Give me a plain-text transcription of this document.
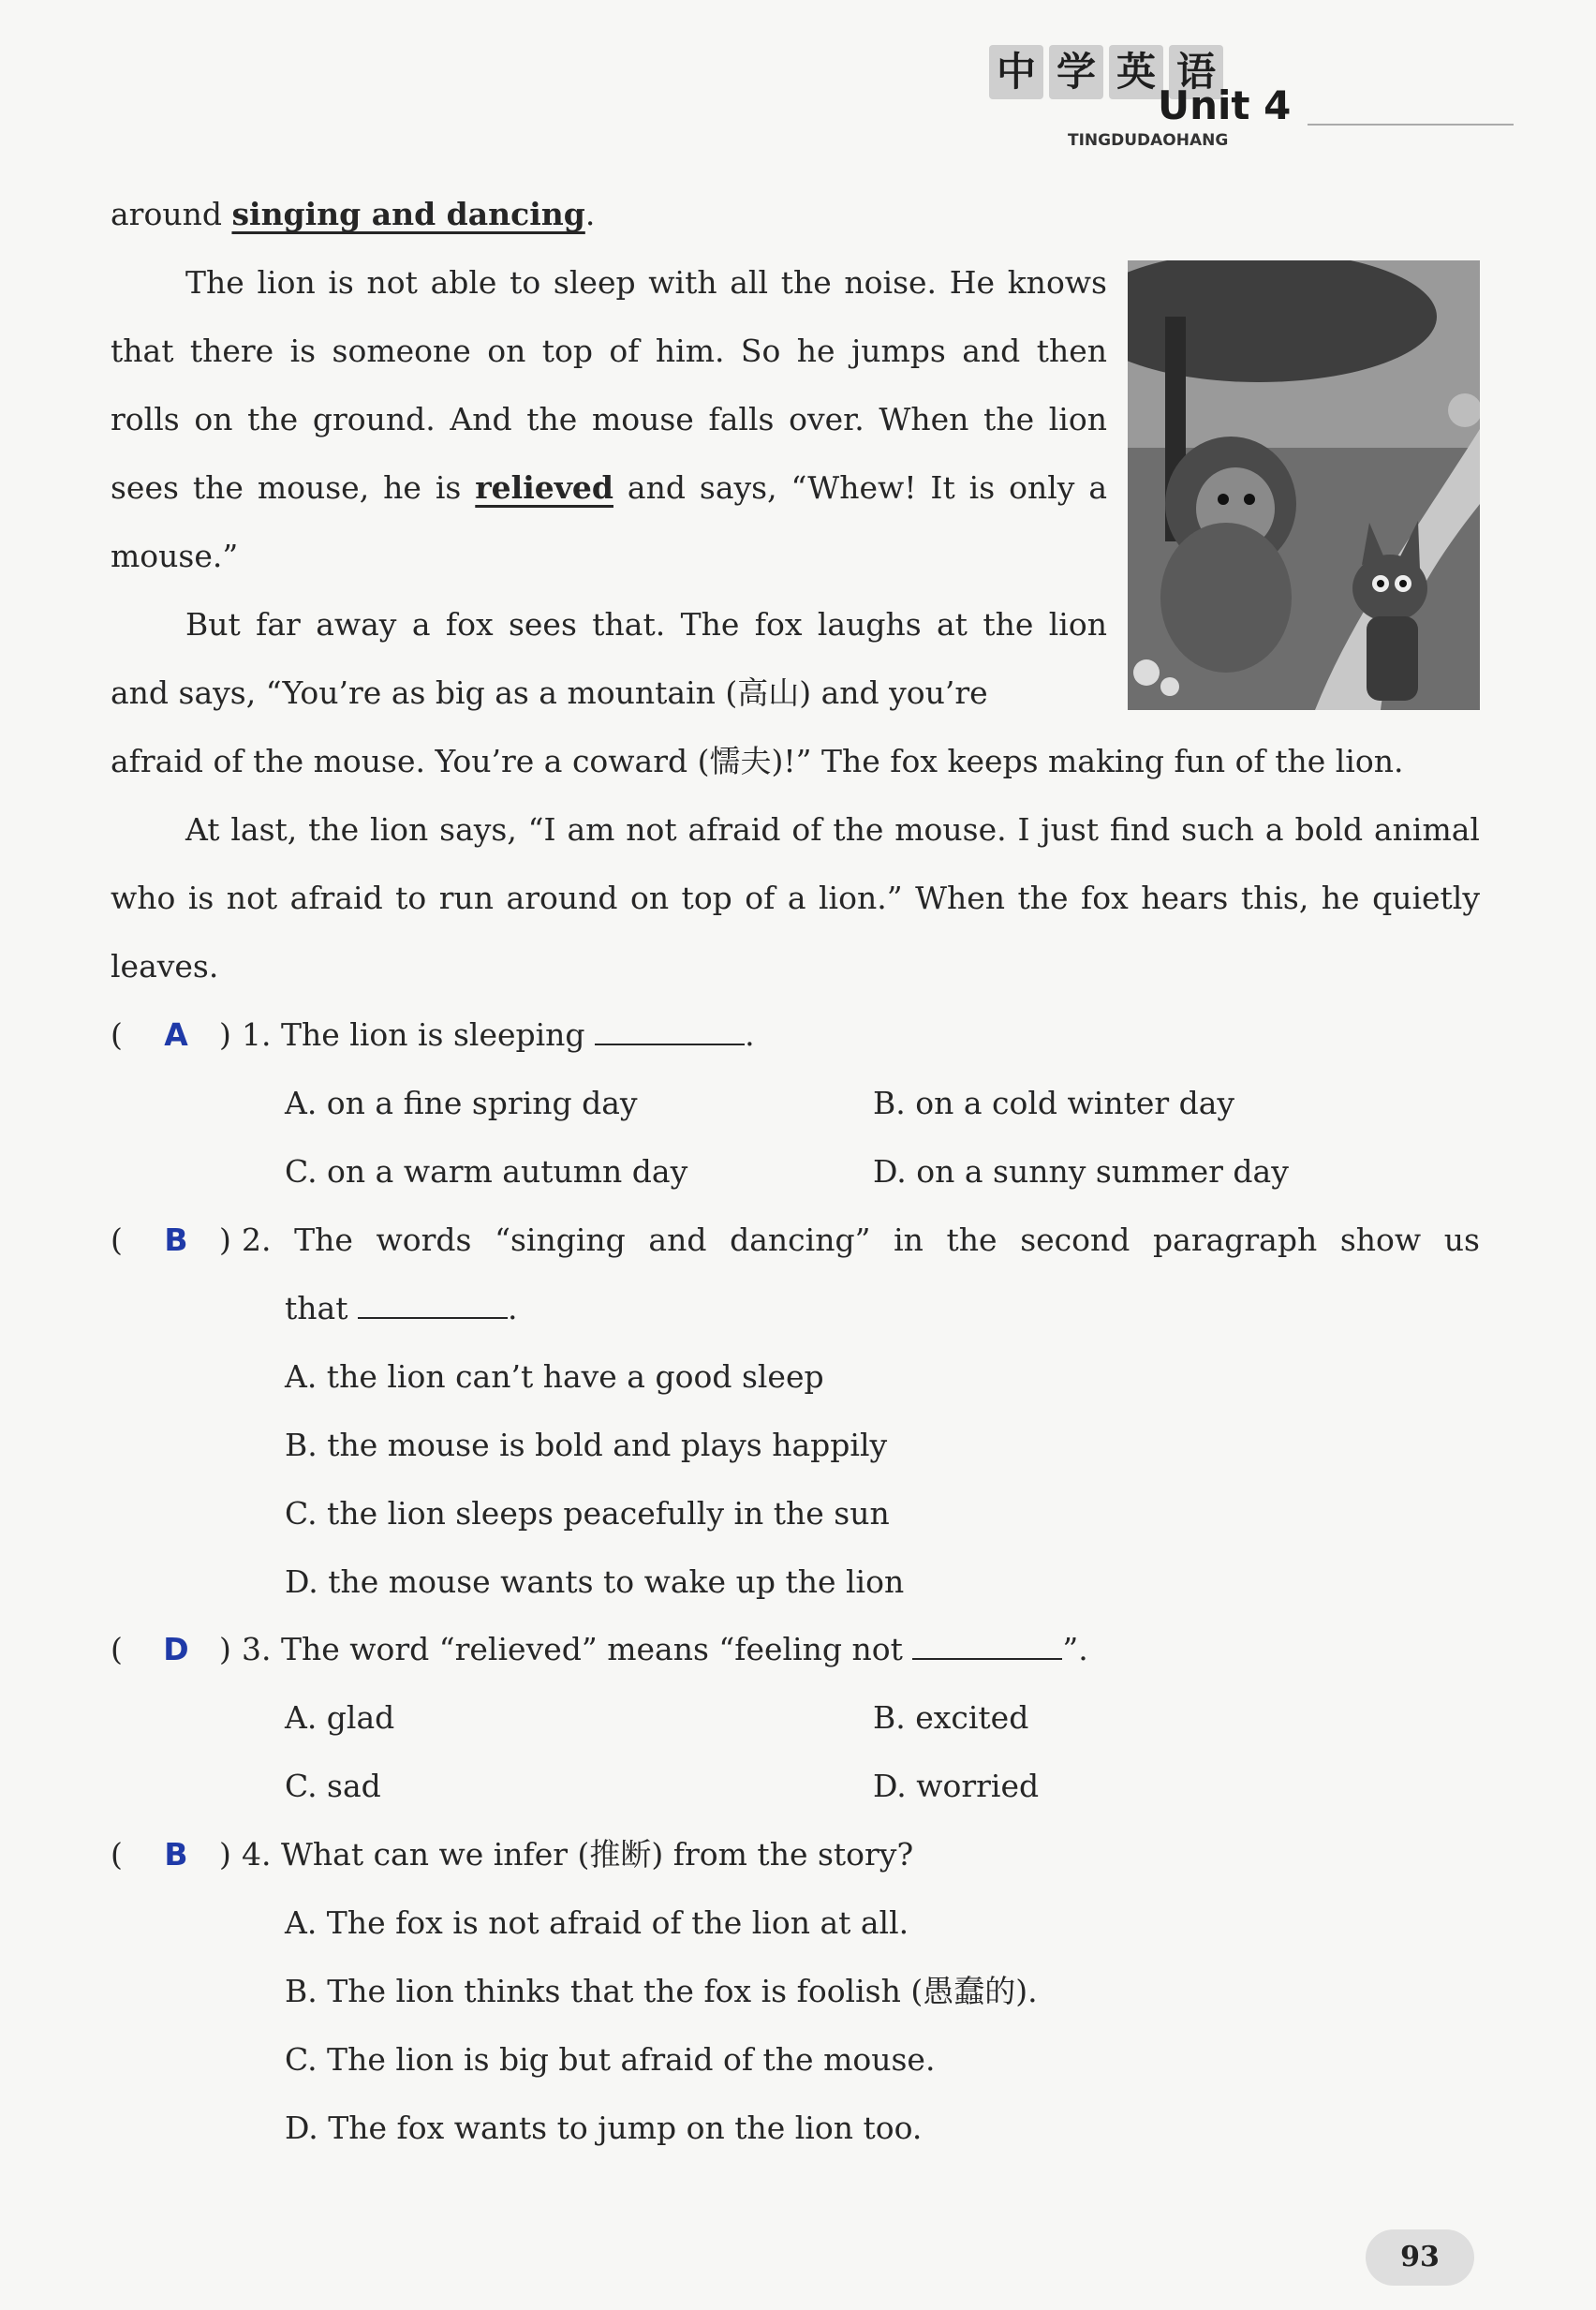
中 学 英 语
Unit 4
TINGDUDAOHANG

around singing and dancing.

The lion is not able to sleep with all the noise. He knows that there is someone on top of him. So he jumps and then rolls on the ground. And the mouse falls over. When the lion sees the mouse, he is relieved and says, “Whew! It is only a mouse.”

But far away a fox sees that. The fox laughs at the lion and says, “You’re as big as a mountain (高山) and you’re

afraid of the mouse. You’re a coward (懦夫)!” The fox keeps making fun of the lion.

At last, the lion says, “I am not afraid of the mouse. I just find such a bold animal who is not afraid to run around on top of a lion.” When the fox hears this, he quietly leaves.

(	A	) 1. The lion is sleeping	.
A. on a fine spring day	B. on a cold winter day
C. on a warm autumn day	D. on a sunny summer day
(	B	) 2. The words “singing and dancing” in the second paragraph show us
that	.
A. the lion can’t have a good sleep
B. the mouse is bold and plays happily
C. the lion sleeps peacefully in the sun
D. the mouse wants to wake up the lion
(	D ) 3. The word “relieved” means “feeling not	”.
A. glad	B. excited
C. sad	D. worried
(	B	) 4. What can we infer (推断) from the story?
A. The fox is not afraid of the lion at all.
B. The lion thinks that the fox is foolish (愚蠢的).
C. The lion is big but afraid of the mouse.
D. The fox wants to jump on the lion too.
93
